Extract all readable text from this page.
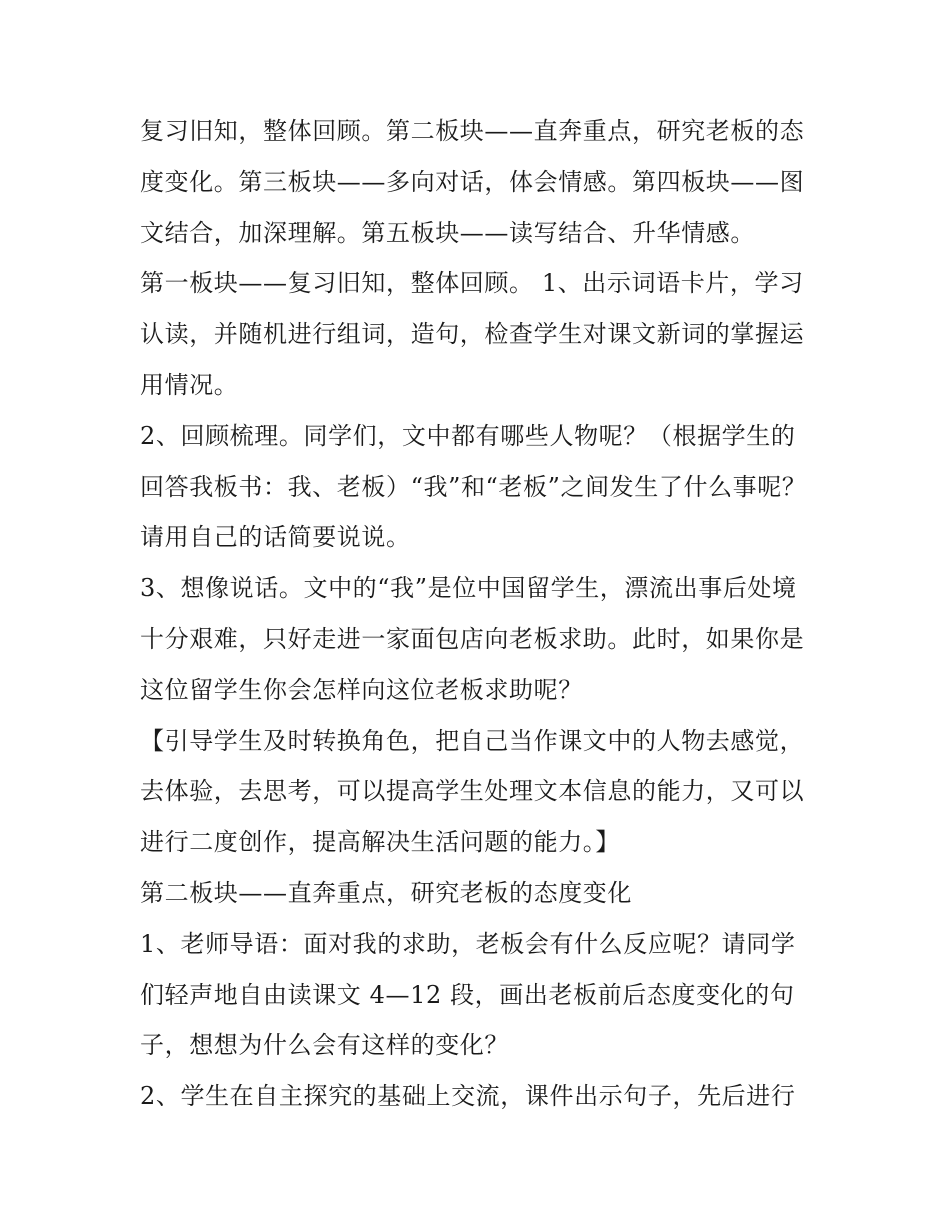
复习旧知，整体回顾。第二板块——直奔重点，研究老板的态
度变化。第三板块——多向对话，体会情感。第四板块——图
文结合，加深理解。第五板块——读写结合、升华情感。
第一板块——复习旧知，整体回顾。 1、出示词语卡片，学习
认读，并随机进行组词，造句，检查学生对课文新词的掌握运
用情况。
2、回顾梳理。同学们，文中都有哪些人物呢？（根据学生的
回答我板书：我、老板）“我”和“老板”之间发生了什么事呢？
请用自己的话简要说说。
3、想像说话。文中的“我”是位中国留学生，漂流出事后处境
十分艰难，只好走进一家面包店向老板求助。此时，如果你是
这位留学生你会怎样向这位老板求助呢？
【引导学生及时转换角色，把自己当作课文中的人物去感觉，
去体验，去思考，可以提高学生处理文本信息的能力，又可以
进行二度创作，提高解决生活问题的能力。】
第二板块——直奔重点，研究老板的态度变化
1、老师导语：面对我的求助，老板会有什么反应呢？请同学
们轻声地自由读课文 4—12 段，画出老板前后态度变化的句
子，想想为什么会有这样的变化？
2、学生在自主探究的基础上交流，课件出示句子，先后进行
